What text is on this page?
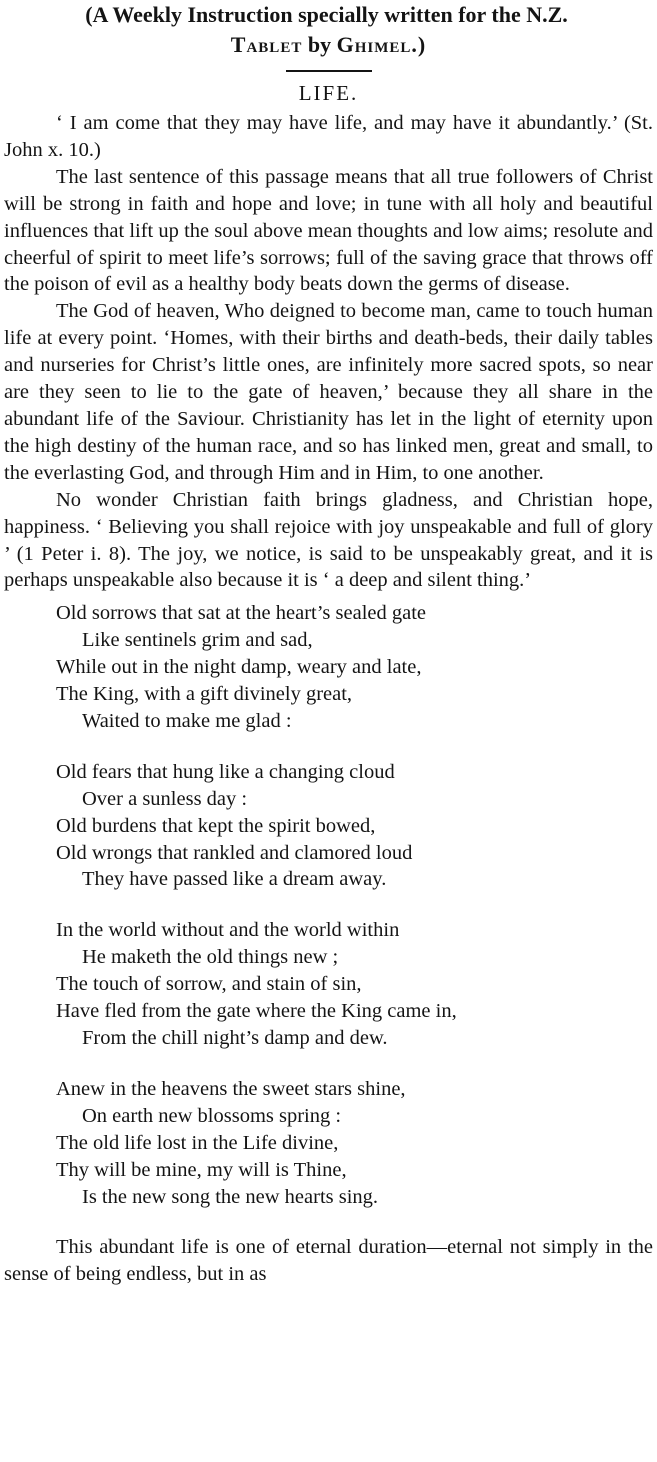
(A Weekly Instruction specially written for the N.Z.
Tablet by Ghimel.)
LIFE.

‘ I am come that they may have life, and may have it abundantly.’ (St. John x. 10.)

The last sentence of this passage means that all true followers of Christ will be strong in faith and hope and love; in tune with all holy and beautiful influences that lift up the soul above mean thoughts and low aims; resolute and cheerful of spirit to meet life’s sorrows; full of the saving grace that throws off the poison of evil as a healthy body beats down the germs of disease.

The God of heaven, Who deigned to become man, came to touch human life at every point. ‘Homes, with their births and death-beds, their daily tables and nurseries for Christ’s little ones, are infinitely more sacred spots, so near are they seen to lie to the gate of heaven,’ because they all share in the abundant life of the Saviour. Christianity has let in the light of eternity upon the high destiny of the human race, and so has linked men, great and small, to the everlasting God, and through Him and in Him, to one another.

No wonder Christian faith brings gladness, and Christian hope, happiness. ‘ Believing you shall rejoice with joy unspeakable and full of glory ’ (1 Peter i. 8). The joy, we notice, is said to be unspeakably great, and it is perhaps unspeakable also because it is ‘ a deep and silent thing.’

Old sorrows that sat at the heart’s sealed gate
Like sentinels grim and sad,
While out in the night damp, weary and late,
The King, with a gift divinely great,
Waited to make me glad :
Old fears that hung like a changing cloud
Over a sunless day :
Old burdens that kept the spirit bowed,
Old wrongs that rankled and clamored loud
They have passed like a dream away.
In the world without and the world within
He maketh the old things new ;
The touch of sorrow, and stain of sin,
Have fled from the gate where the King came in,
From the chill night’s damp and dew.
Anew in the heavens the sweet stars shine,
On earth new blossoms spring :
The old life lost in the Life divine,
Thy will be mine, my will is Thine,
Is the new song the new hearts sing.

This abundant life is one of eternal duration—eternal not simply in the sense of being endless, but in as
